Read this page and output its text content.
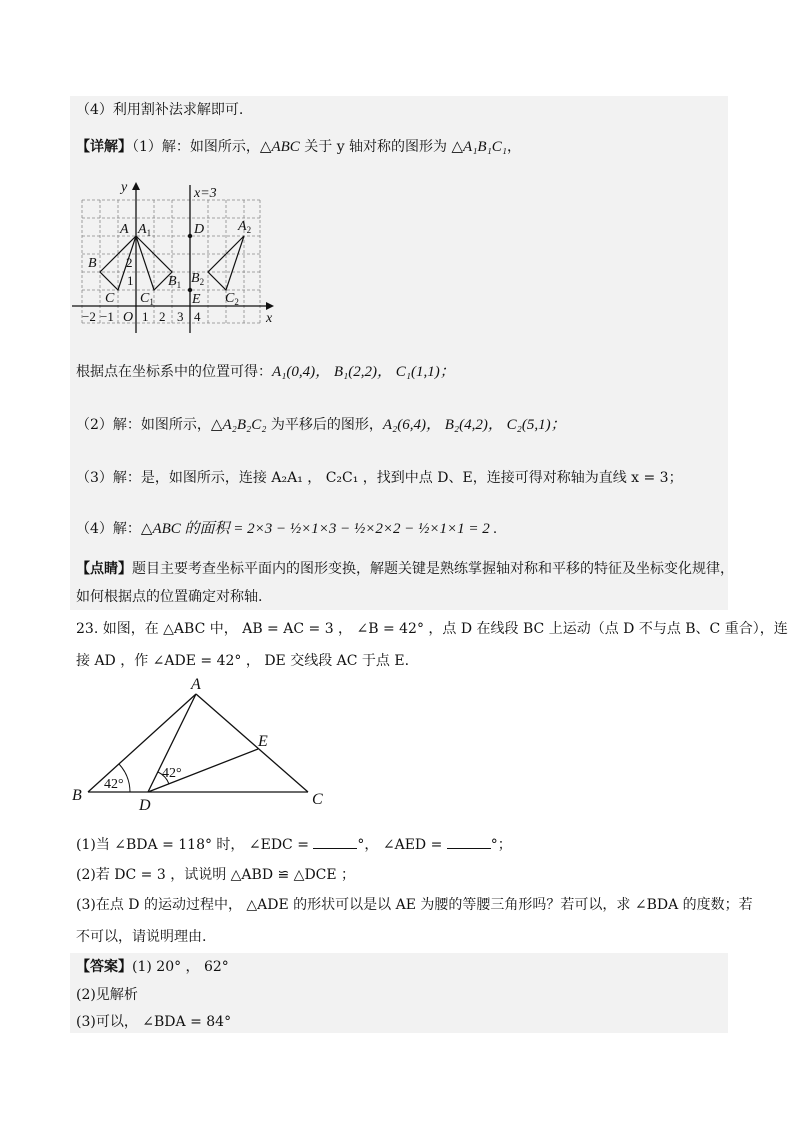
（4）利用割补法求解即可.
【详解】（1）解：如图所示，△ABC 关于 y 轴对称的图形为 △A₁B₁C₁，
y
x
x=3
A $A_1$	$A_2$
B
$B_1$ $B_2$
C $C_1$	$C_2$
D
E
O
−2 −1 1 2 3 4
1
2
根据点在坐标系中的位置可得：A₁(0,4)， B₁(2,2)， C₁(1,1)；
（2）解：如图所示，△A₂B₂C₂ 为平移后的图形，A₂(6,4)， B₂(4,2)， C₂(5,1)；
（3）解：是，如图所示，连接 A₂A₁ ， C₂C₁ ，找到中点 D、E，连接可得对称轴为直线 x = 3；
（4）解：△ABC 的面积 = 2×3 − ½×1×3 − ½×2×2 − ½×1×1 = 2 .
【点睛】题目主要考查坐标平面内的图形变换，解题关键是熟练掌握轴对称和平移的特征及坐标变化规律，
如何根据点的位置确定对称轴.
23. 如图，在 △ABC 中， AB = AC = 3 ， ∠B = 42° ，点 D 在线段 BC 上运动（点 D 不与点 B、C 重合），连
接 AD ，作 ∠ADE = 42° ， DE 交线段 AC 于点 E.
A
B	C
D
E
42°
42°
(1)当 ∠BDA = 118° 时， ∠EDC =	°， ∠AED =	°；
(2)若 DC = 3 ，试说明 △ABD ≌ △DCE ；
(3)在点 D 的运动过程中， △ADE 的形状可以是以 AE 为腰的等腰三角形吗？若可以，求 ∠BDA 的度数；若
不可以，请说明理由.
【答案】(1) 20° ， 62°
(2)见解析
(3)可以， ∠BDA = 84°
